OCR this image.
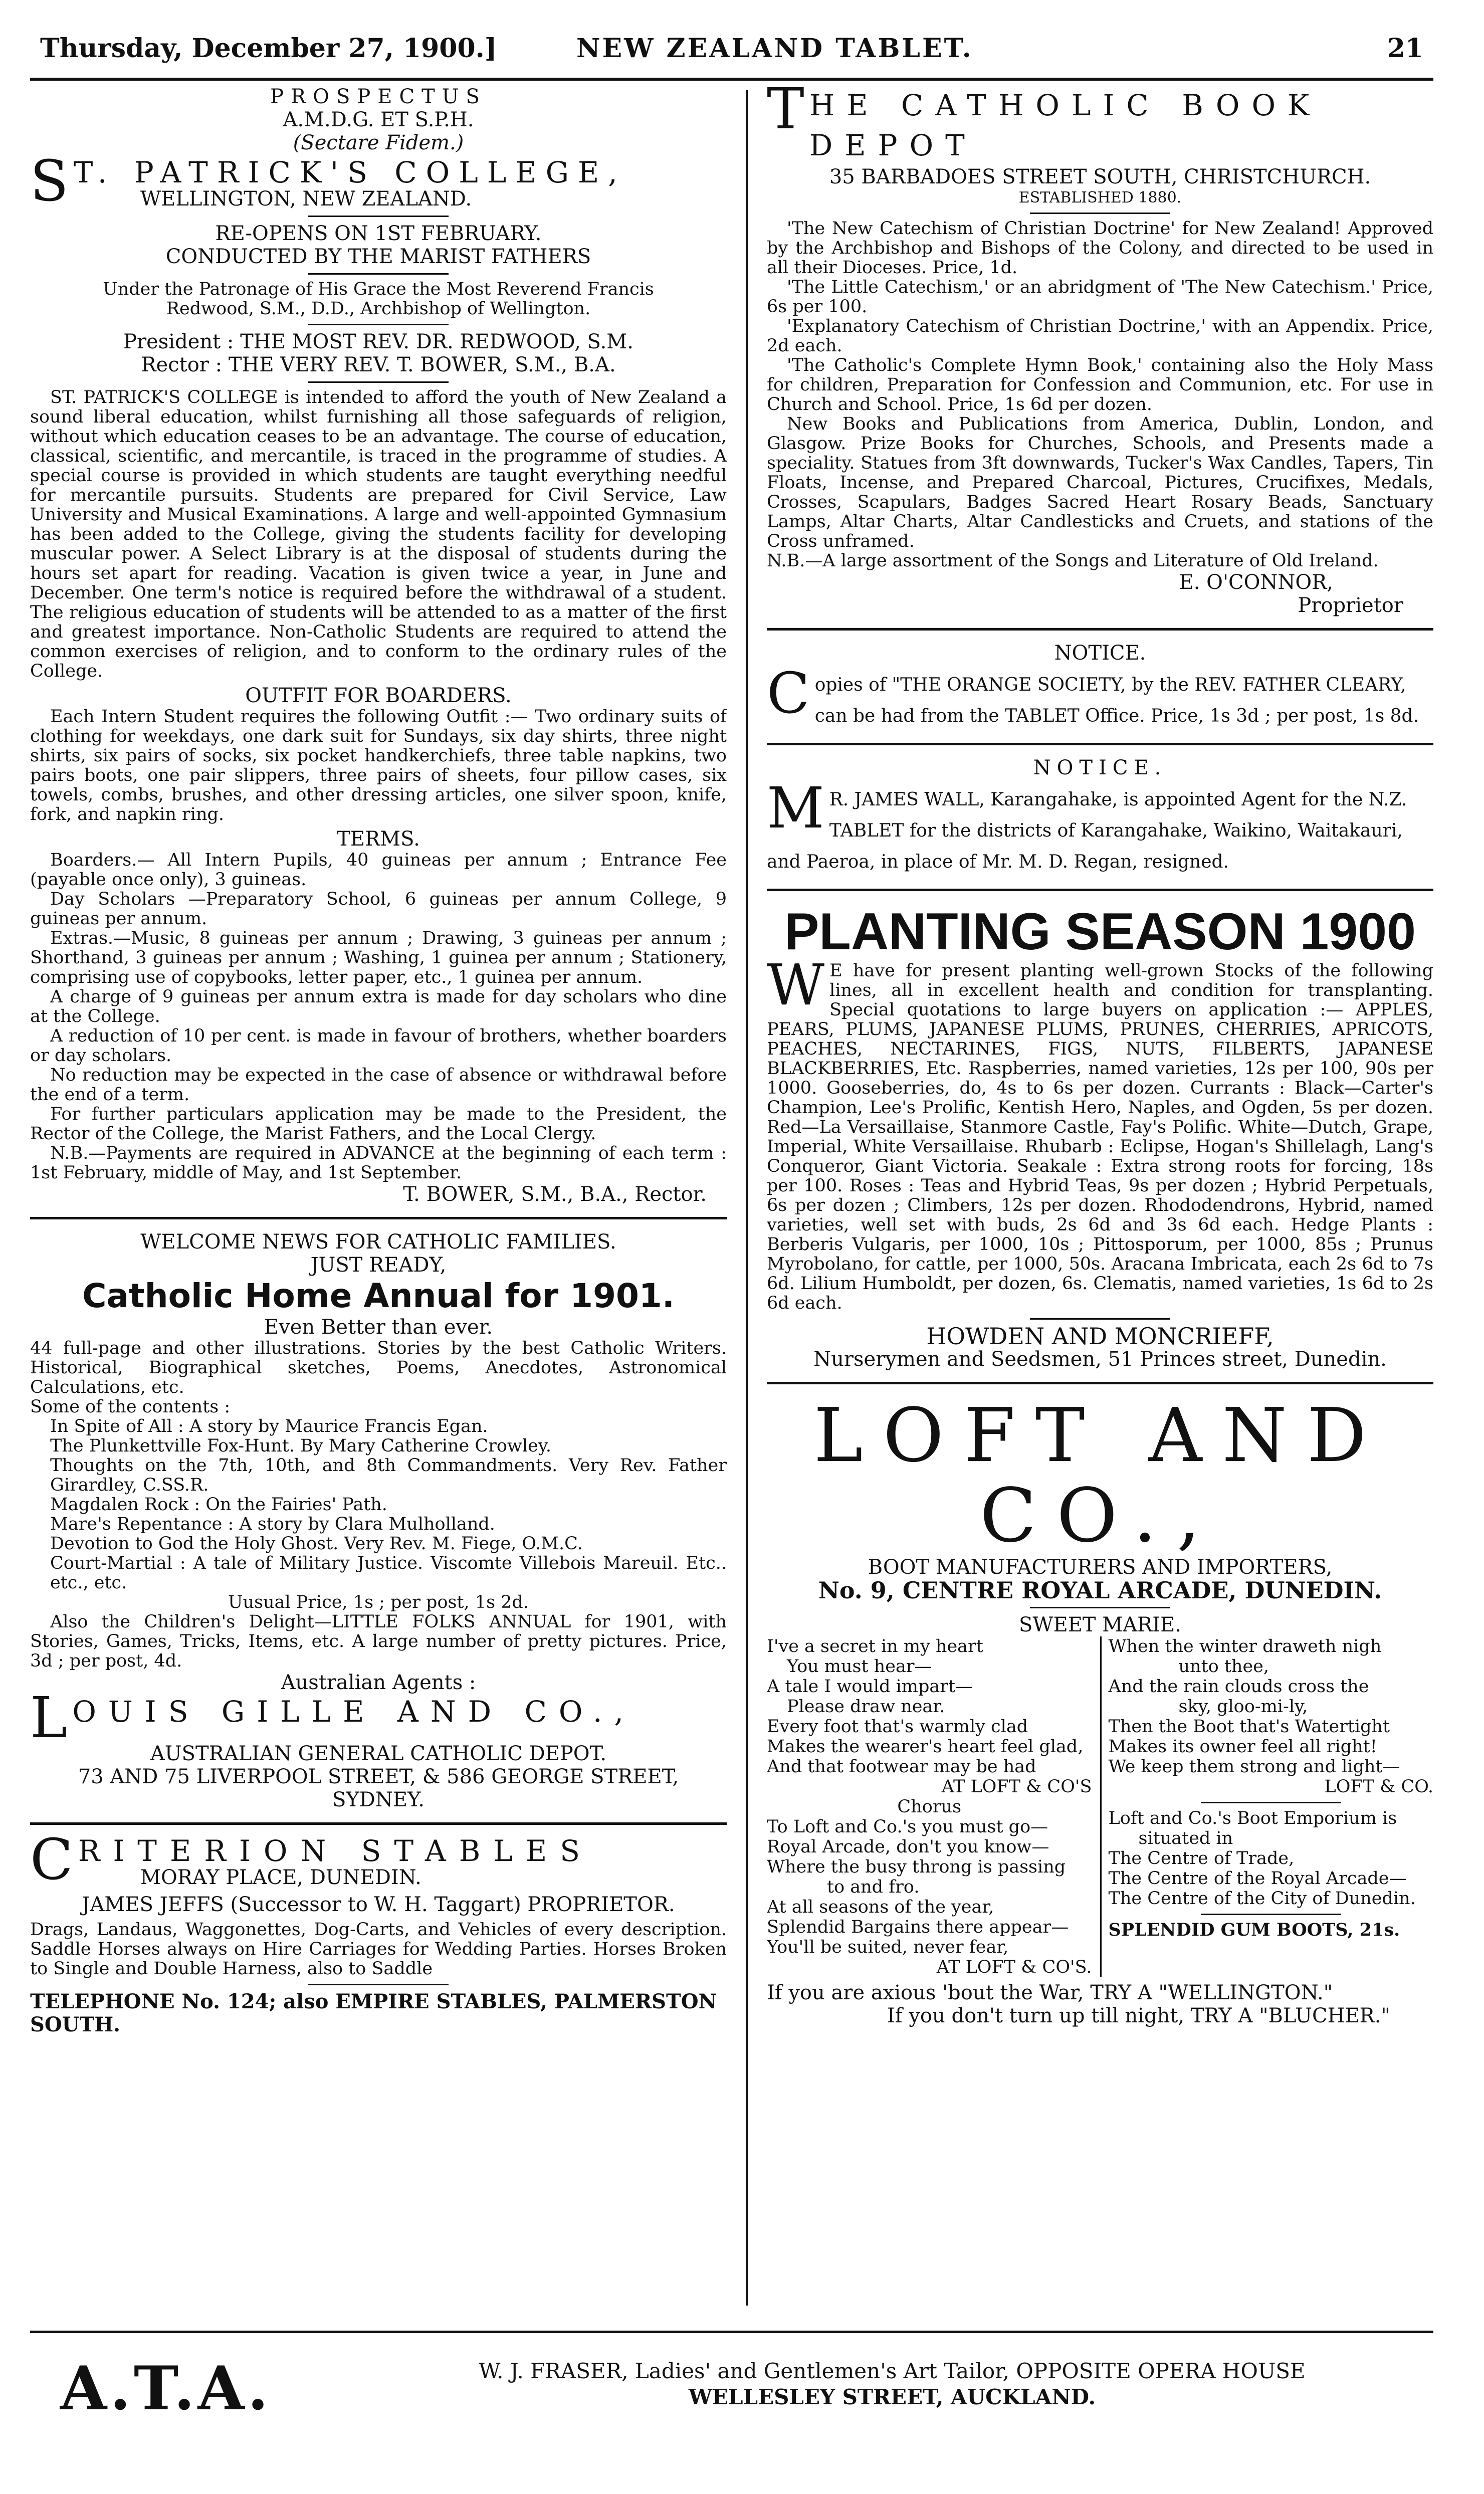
Thursday, December 27, 1900.]	NEW ZEALAND TABLET.	21

PROSPECTUS

A.M.D.G. ET S.P.H.

(Sectare Fidem.)

S T. PATRICK'S COLLEGE,

WELLINGTON, NEW ZEALAND.

RE-OPENS ON 1ST FEBRUARY.

CONDUCTED BY THE MARIST FATHERS

Under the Patronage of His Grace the Most Reverend Francis Redwood, S.M., D.D., Archbishop of Wellington.

President : THE MOST REV. DR. REDWOOD, S.M.

Rector : THE VERY REV. T. BOWER, S.M., B.A.

ST. PATRICK'S COLLEGE is intended to afford the youth of New Zealand a sound liberal education, whilst furnishing all those safeguards of religion, without which education ceases to be an advantage. The course of education, classical, scientific, and mercantile, is traced in the programme of studies. A special course is provided in which students are taught everything needful for mercantile pursuits. Students are prepared for Civil Service, Law University and Musical Examinations. A large and well-appointed Gymnasium has been added to the College, giving the students facility for developing muscular power. A Select Library is at the disposal of students during the hours set apart for reading. Vacation is given twice a year, in June and December. One term's notice is required before the withdrawal of a student. The religious education of students will be attended to as a matter of the first and greatest importance. Non-Catholic Students are required to attend the common exercises of religion, and to conform to the ordinary rules of the College.

OUTFIT FOR BOARDERS.

Each Intern Student requires the following Outfit :— Two ordinary suits of clothing for weekdays, one dark suit for Sundays, six day shirts, three night shirts, six pairs of socks, six pocket handkerchiefs, three table napkins, two pairs boots, one pair slippers, three pairs of sheets, four pillow cases, six towels, combs, brushes, and other dressing articles, one silver spoon, knife, fork, and napkin ring.

TERMS.

Boarders.— All Intern Pupils, 40 guineas per annum ; Entrance Fee (payable once only), 3 guineas.

Day Scholars —Preparatory School, 6 guineas per annum College, 9 guineas per annum.

Extras.—Music, 8 guineas per annum ; Drawing, 3 guineas per annum ; Shorthand, 3 guineas per annum ; Washing, 1 guinea per annum ; Stationery, comprising use of copybooks, letter paper, etc., 1 guinea per annum.

A charge of 9 guineas per annum extra is made for day scholars who dine at the College.

A reduction of 10 per cent. is made in favour of brothers, whether boarders or day scholars.

No reduction may be expected in the case of absence or withdrawal before the end of a term.

For further particulars application may be made to the President, the Rector of the College, the Marist Fathers, and the Local Clergy.

N.B.—Payments are required in ADVANCE at the beginning of each term : 1st February, middle of May, and 1st September.

T. BOWER, S.M., B.A., Rector.

WELCOME NEWS FOR CATHOLIC FAMILIES.

JUST READY,

Catholic Home Annual for 1901.

Even Better than ever.

44 full-page and other illustrations. Stories by the best Catholic Writers. Historical, Biographical sketches, Poems, Anecdotes, Astronomical Calculations, etc.

Some of the contents :

In Spite of All : A story by Maurice Francis Egan.

The Plunkettville Fox-Hunt. By Mary Catherine Crowley.

Thoughts on the 7th, 10th, and 8th Commandments. Very Rev. Father Girardley, C.SS.R.

Magdalen Rock : On the Fairies' Path.

Mare's Repentance : A story by Clara Mulholland.

Devotion to God the Holy Ghost. Very Rev. M. Fiege, O.M.C.

Court-Martial : A tale of Military Justice. Viscomte Villebois Mareuil. Etc.. etc., etc.

Uusual Price, 1s ; per post, 1s 2d.

Also the Children's Delight—LITTLE FOLKS ANNUAL for 1901, with Stories, Games, Tricks, Items, etc. A large number of pretty pictures. Price, 3d ; per post, 4d.

Australian Agents :

L OUIS GILLE AND CO.,

AUSTRALIAN GENERAL CATHOLIC DEPOT.

73 AND 75 LIVERPOOL STREET, & 586 GEORGE STREET, SYDNEY.

C RITERION STABLES

MORAY PLACE, DUNEDIN.

JAMES JEFFS (Successor to W. H. Taggart) PROPRIETOR.

Drags, Landaus, Waggonettes, Dog-Carts, and Vehicles of every description. Saddle Horses always on Hire Carriages for Wedding Parties. Horses Broken to Single and Double Harness, also to Saddle

TELEPHONE No. 124; also EMPIRE STABLES, PALMERSTON SOUTH.

T HE CATHOLIC BOOK DEPOT

35 BARBADOES STREET SOUTH, CHRISTCHURCH.

ESTABLISHED 1880.

'The New Catechism of Christian Doctrine' for New Zealand! Approved by the Archbishop and Bishops of the Colony, and directed to be used in all their Dioceses. Price, 1d.

'The Little Catechism,' or an abridgment of 'The New Catechism.' Price, 6s per 100.

'Explanatory Catechism of Christian Doctrine,' with an Appendix. Price, 2d each.

'The Catholic's Complete Hymn Book,' containing also the Holy Mass for children, Preparation for Confession and Communion, etc. For use in Church and School. Price, 1s 6d per dozen.

New Books and Publications from America, Dublin, London, and Glasgow. Prize Books for Churches, Schools, and Presents made a speciality. Statues from 3ft downwards, Tucker's Wax Candles, Tapers, Tin Floats, Incense, and Prepared Charcoal, Pictures, Crucifixes, Medals, Crosses, Scapulars, Badges Sacred Heart Rosary Beads, Sanctuary Lamps, Altar Charts, Altar Candlesticks and Cruets, and stations of the Cross unframed.

N.B.—A large assortment of the Songs and Literature of Old Ireland.

E. O'CONNOR,

Proprietor

NOTICE.

C opies of "THE ORANGE SOCIETY, by the REV. FATHER CLEARY, can be had from the TABLET Office. Price, 1s 3d ; per post, 1s 8d.

NOTICE.

M R. JAMES WALL, Karangahake, is appointed Agent for the N.Z. TABLET for the districts of Karangahake, Waikino, Waitakauri, and Paeroa, in place of Mr. M. D. Regan, resigned.

PLANTING SEASON 1900

W E have for present planting well-grown Stocks of the following lines, all in excellent health and condition for transplanting. Special quotations to large buyers on application :— APPLES, PEARS, PLUMS, JAPANESE PLUMS, PRUNES, CHERRIES, APRICOTS, PEACHES, NECTARINES, FIGS, NUTS, FILBERTS, JAPANESE BLACKBERRIES, Etc. Raspberries, named varieties, 12s per 100, 90s per 1000. Gooseberries, do, 4s to 6s per dozen. Currants : Black—Carter's Champion, Lee's Prolific, Kentish Hero, Naples, and Ogden, 5s per dozen. Red—La Versaillaise, Stanmore Castle, Fay's Polific. White—Dutch, Grape, Imperial, White Versaillaise. Rhubarb : Eclipse, Hogan's Shillelagh, Lang's Conqueror, Giant Victoria. Seakale : Extra strong roots for forcing, 18s per 100. Roses : Teas and Hybrid Teas, 9s per dozen ; Hybrid Perpetuals, 6s per dozen ; Climbers, 12s per dozen. Rhododendrons, Hybrid, named varieties, well set with buds, 2s 6d and 3s 6d each. Hedge Plants : Berberis Vulgaris, per 1000, 10s ; Pittosporum, per 1000, 85s ; Prunus Myrobolano, for cattle, per 1000, 50s. Aracana Imbricata, each 2s 6d to 7s 6d. Lilium Humboldt, per dozen, 6s. Clematis, named varieties, 1s 6d to 2s 6d each.

HOWDEN AND MONCRIEFF,

Nurserymen and Seedsmen, 51 Princes street, Dunedin.

LOFT AND CO.,

BOOT MANUFACTURERS AND IMPORTERS,

No. 9, CENTRE ROYAL ARCADE, DUNEDIN.

SWEET MARIE.

I've a secret in my heart

You must hear—

A tale I would impart—

Please draw near.

Every foot that's warmly clad

Makes the wearer's heart feel glad,

And that footwear may be had

AT LOFT & CO'S

Chorus

To Loft and Co.'s you must go—

Royal Arcade, don't you know—

Where the busy throng is passing

to and fro.

At all seasons of the year,

Splendid Bargains there appear—

You'll be suited, never fear,

AT LOFT & CO'S.

When the winter draweth nigh

unto thee,

And the rain clouds cross the

sky, gloo-mi-ly,

Then the Boot that's Watertight

Makes its owner feel all right!

We keep them strong and light—

LOFT & CO.

Loft and Co.'s Boot Emporium is

situated in

The Centre of Trade,

The Centre of the Royal Arcade—

The Centre of the City of Dunedin.

SPLENDID GUM BOOTS, 21s.

If you are axious 'bout the War, TRY A "WELLINGTON."

If you don't turn up till night, TRY A "BLUCHER."

A.T.A.	W. J. FRASER, Ladies' and Gentlemen's Art Tailor, OPPOSITE OPERA HOUSE

WELLESLEY STREET, AUCKLAND.
